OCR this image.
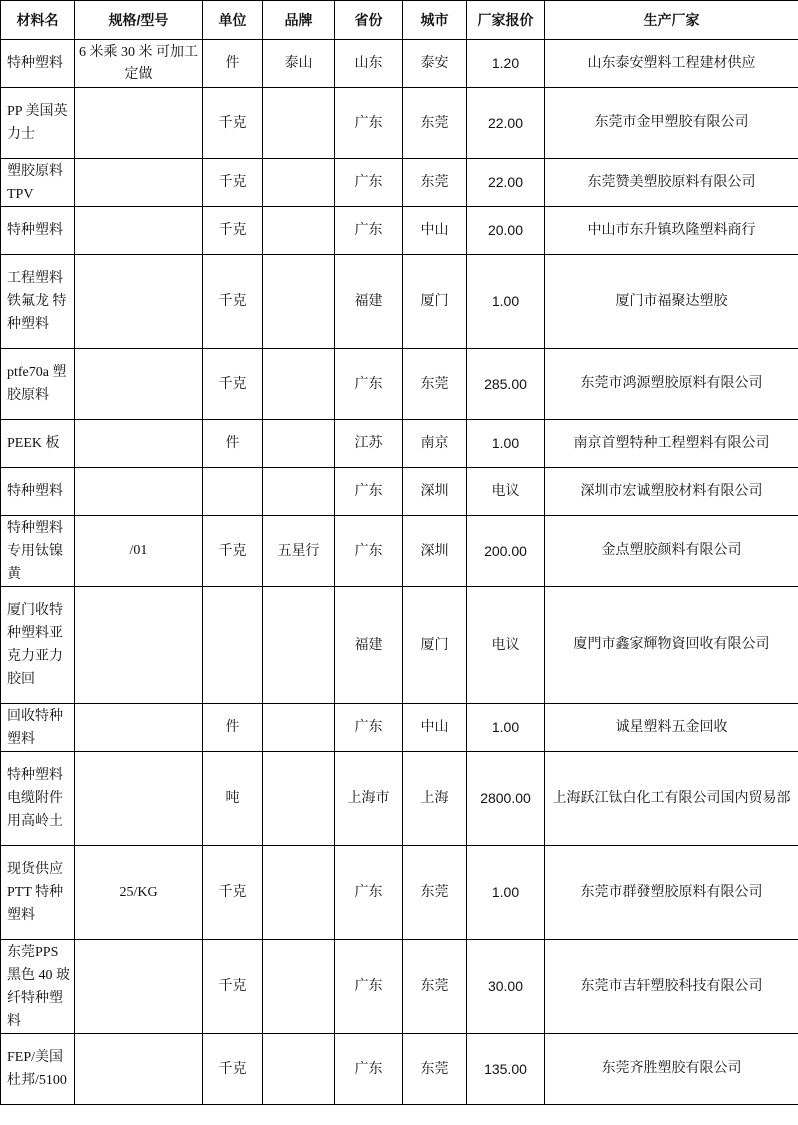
材料名	规格/型号	单位	品牌	省份	城市	厂家报价	生产厂家
特种塑料	6 米乘 30 米 可加工定做	件	泰山	山东	泰安	1.20	山东泰安塑料工程建材供应
PP 美国英力士		千克		广东	东莞	22.00	东莞市金甲塑胶有限公司
塑胶原料 TPV		千克		广东	东莞	22.00	东莞赞美塑胶原料有限公司
特种塑料		千克		广东	中山	20.00	中山市东升镇玖隆塑料商行
工程塑料 铁氟龙 特种塑料		千克		福建	厦门	1.00	厦门市福聚达塑胶
ptfe70a 塑胶原料		千克		广东	东莞	285.00	东莞市鸿源塑胶原料有限公司
PEEK 板		件		江苏	南京	1.00	南京首塑特种工程塑料有限公司
特种塑料				广东	深圳	电议	深圳市宏诚塑胶材料有限公司
特种塑料专用钛镍黄	/01	千克	五星行	广东	深圳	200.00	金点塑胶颜料有限公司
厦门收特种塑料亚克力亚力胶回				福建	厦门	电议	廈門市鑫家輝物資回收有限公司
回收特种塑料		件		广东	中山	1.00	诚星塑料五金回收
特种塑料电缆附件用高岭土		吨		上海市	上海	2800.00	上海跃江钛白化工有限公司国内贸易部
现货供应 PTT 特种塑料	25/KG	千克		广东	东莞	1.00	东莞市群發塑胶原料有限公司
东莞PPS 黑色 40 玻纤特种塑料		千克		广东	东莞	30.00	东莞市吉轩塑胶科技有限公司
FEP/美国杜邦/5100		千克		广东	东莞	135.00	东莞齐胜塑胶有限公司
